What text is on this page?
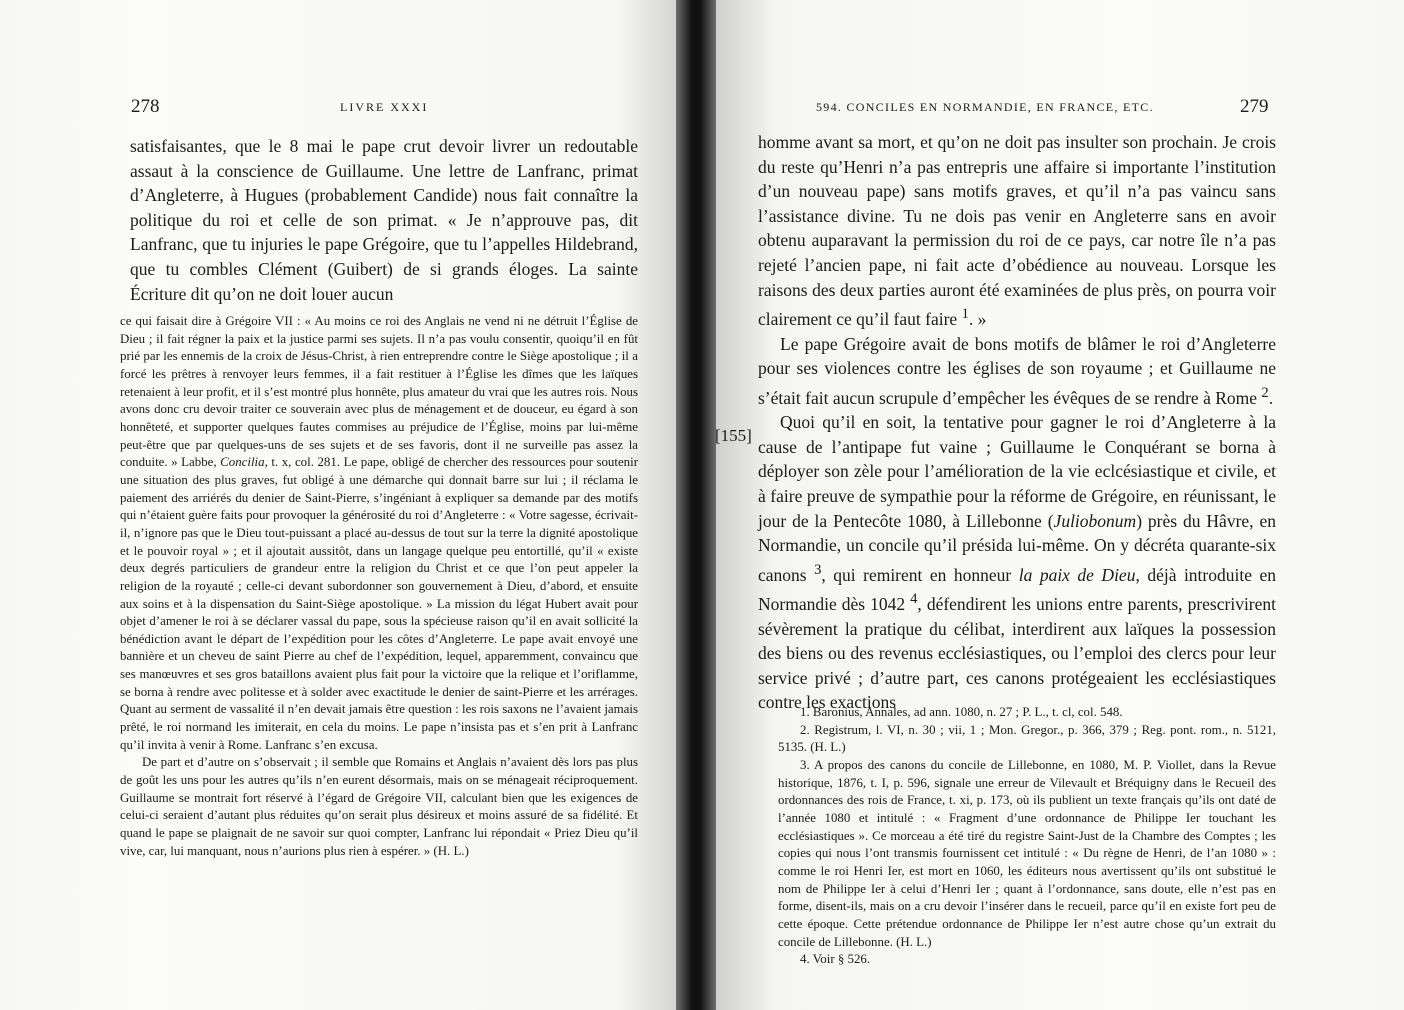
278	LIVRE XXXI

satisfaisantes, que le 8 mai le pape crut devoir livrer un redoutable assaut à la conscience de Guillaume. Une lettre de Lanfranc, primat d’Angleterre, à Hugues (probablement Candide) nous fait connaître la politique du roi et celle de son primat. « Je n’approuve pas, dit Lanfranc, que tu injuries le pape Grégoire, que tu l’appelles Hildebrand, que tu combles Clément (Guibert) de si grands éloges. La sainte Écriture dit qu’on ne doit louer aucun

ce qui faisait dire à Grégoire VII : « Au moins ce roi des Anglais ne vend ni ne détruit l’Église de Dieu ; il fait régner la paix et la justice parmi ses sujets. Il n’a pas voulu consentir, quoiqu’il en fût prié par les ennemis de la croix de Jésus-Christ, à rien entreprendre contre le Siège apostolique ; il a forcé les prêtres à renvoyer leurs femmes, il a fait restituer à l’Église les dîmes que les laïques retenaient à leur profit, et il s’est montré plus honnête, plus amateur du vrai que les autres rois. Nous avons donc cru devoir traiter ce souverain avec plus de ménagement et de douceur, eu égard à son honnêteté, et supporter quelques fautes commises au préjudice de l’Église, moins par lui-même peut-être que par quelques-uns de ses sujets et de ses favoris, dont il ne surveille pas assez la conduite. » Labbe, Concilia, t. x, col. 281. Le pape, obligé de chercher des ressources pour soutenir une situation des plus graves, fut obligé à une démarche qui donnait barre sur lui ; il réclama le paiement des arriérés du denier de Saint-Pierre, s’ingéniant à expliquer sa demande par des motifs qui n’étaient guère faits pour provoquer la générosité du roi d’Angleterre : « Votre sagesse, écrivait-il, n’ignore pas que le Dieu tout-puissant a placé au-dessus de tout sur la terre la dignité apostolique et le pouvoir royal » ; et il ajoutait aussitôt, dans un langage quelque peu entortillé, qu’il « existe deux degrés particuliers de grandeur entre la religion du Christ et ce que l’on peut appeler la religion de la royauté ; celle-ci devant subordonner son gouvernement à Dieu, d’abord, et ensuite aux soins et à la dispensation du Saint-Siège apostolique. » La mission du légat Hubert avait pour objet d’amener le roi à se déclarer vassal du pape, sous la spécieuse raison qu’il en avait sollicité la bénédiction avant le départ de l’expédition pour les côtes d’Angleterre. Le pape avait envoyé une bannière et un cheveu de saint Pierre au chef de l’expédition, lequel, apparemment, convaincu que ses manœuvres et ses gros bataillons avaient plus fait pour la victoire que la relique et l’oriflamme, se borna à rendre avec politesse et à solder avec exactitude le denier de saint-Pierre et les arrérages. Quant au serment de vassalité il n’en devait jamais être question : les rois saxons ne l’avaient jamais prêté, le roi normand les imiterait, en cela du moins. Le pape n’insista pas et s’en prit à Lanfranc qu’il invita à venir à Rome. Lanfranc s’en excusa.

De part et d’autre on s’observait ; il semble que Romains et Anglais n’avaient dès lors pas plus de goût les uns pour les autres qu’ils n’en eurent désormais, mais on se ménageait réciproquement. Guillaume se montrait fort réservé à l’égard de Grégoire VII, calculant bien que les exigences de celui-ci seraient d’autant plus réduites qu’on serait plus désireux et moins assuré de sa fidélité. Et quand le pape se plaignait de ne savoir sur quoi compter, Lanfranc lui répondait « Priez Dieu qu’il vive, car, lui manquant, nous n’aurions plus rien à espérer. » (H. L.)

594. CONCILES EN NORMANDIE, EN FRANCE, ETC.	279

homme avant sa mort, et qu’on ne doit pas insulter son prochain. Je crois du reste qu’Henri n’a pas entrepris une affaire si importante l’institution d’un nouveau pape) sans motifs graves, et qu’il n’a pas vaincu sans l’assistance divine. Tu ne dois pas venir en Angleterre sans en avoir obtenu auparavant la permission du roi de ce pays, car notre île n’a pas rejeté l’ancien pape, ni fait acte d’obédience au nouveau. Lorsque les raisons des deux parties auront été examinées de plus près, on pourra voir clairement ce qu’il faut faire $^1$. »

Le pape Grégoire avait de bons motifs de blâmer le roi d’Angleterre pour ses violences contre les églises de son royaume ; et Guillaume ne s’était fait aucun scrupule d’empêcher les évêques de se rendre à Rome $^2$.

Quoi qu’il en soit, la tentative pour gagner le roi d’Angleterre à la cause de l’antipape fut vaine ; Guillaume le Conquérant se borna à déployer son zèle pour l’amélioration de la vie eclcésiastique et civile, et à faire preuve de sympathie pour la réforme de Grégoire, en réunissant, le jour de la Pentecôte 1080, à Lillebonne (Juliobonum) près du Hâvre, en Normandie, un concile qu’il présida lui-même. On y décréta quarante-six canons $^3$, qui remirent en honneur la paix de Dieu, déjà introduite en Normandie dès 1042 $^4$, défendirent les unions entre parents, prescrivirent sévèrement la pratique du célibat, interdirent aux laïques la possession des biens ou des revenus ecclésiastiques, ou l’emploi des clercs pour leur service privé ; d’autre part, ces canons protégeaient les ecclésiastiques contre les exactions

1. Baronius, Annales, ad ann. 1080, n. 27 ; P. L., t. cl, col. 548.

2. Registrum, l. VI, n. 30 ; vii, 1 ; Mon. Gregor., p. 366, 379 ; Reg. pont. rom., n. 5121, 5135. (H. L.)

3. A propos des canons du concile de Lillebonne, en 1080, M. P. Viollet, dans la Revue historique, 1876, t. I, p. 596, signale une erreur de Vilevault et Bréquigny dans le Recueil des ordonnances des rois de France, t. xi, p. 173, où ils publient un texte français qu’ils ont daté de l’année 1080 et intitulé : « Fragment d’une ordonnance de Philippe Ier touchant les ecclésiastiques ». Ce morceau a été tiré du registre Saint-Just de la Chambre des Comptes ; les copies qui nous l’ont transmis fournissent cet intitulé : « Du règne de Henri, de l’an 1080 » : comme le roi Henri Ier, est mort en 1060, les éditeurs nous avertissent qu’ils ont substitué le nom de Philippe Ier à celui d’Henri Ier ; quant à l’ordonnance, sans doute, elle n’est pas en forme, disent-ils, mais on a cru devoir l’insérer dans le recueil, parce qu’il en existe fort peu de cette époque. Cette prétendue ordonnance de Philippe Ier n’est autre chose qu’un extrait du concile de Lillebonne. (H. L.)

4. Voir § 526.

[155]
